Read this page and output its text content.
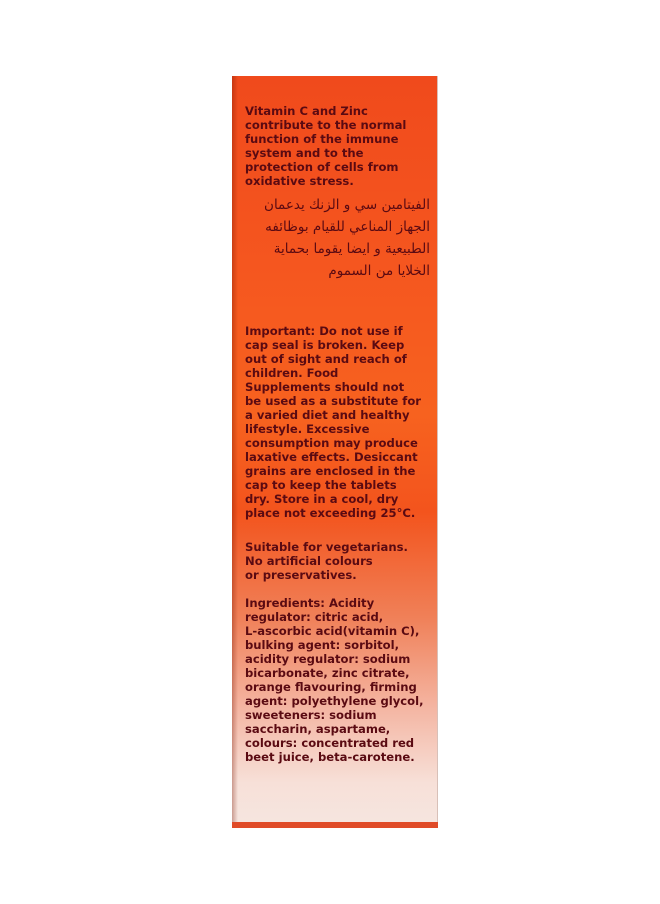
Vitamin C and Zinc
contribute to the normal
function of the immune
system and to the
protection of cells from
oxidative stress.

الفيتامين سي و الزنك يدعمان
الجهاز المناعي للقيام بوظائفه
الطبيعية و ايضا يقوما بحماية
الخلايا من السموم

Important: Do not use if
cap seal is broken. Keep
out of sight and reach of
children. Food
Supplements should not
be used as a substitute for
a varied diet and healthy
lifestyle. Excessive
consumption may produce
laxative effects. Desiccant
grains are enclosed in the
cap to keep the tablets
dry. Store in a cool, dry
place not exceeding 25°C.

Suitable for vegetarians.
No artificial colours
or preservatives.

Ingredients: Acidity
regulator: citric acid,
L-ascorbic acid(vitamin C),
bulking agent: sorbitol,
acidity regulator: sodium
bicarbonate, zinc citrate,
orange flavouring, firming
agent: polyethylene glycol,
sweeteners: sodium
saccharin, aspartame,
colours: concentrated red
beet juice, beta-carotene.
